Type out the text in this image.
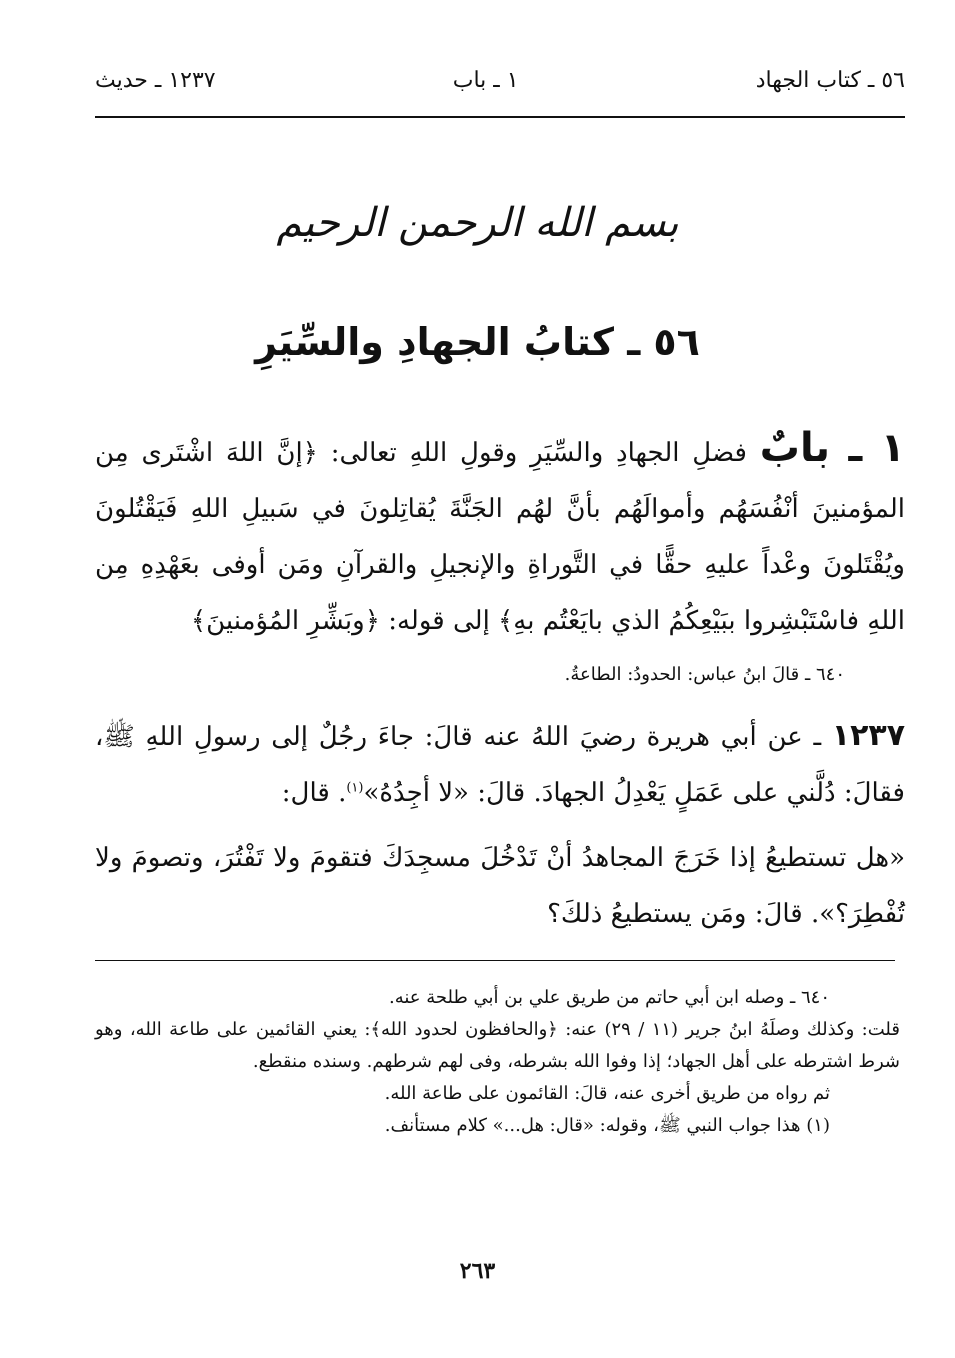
٥٦ ـ كتاب الجهاد
١ ـ باب
١٢٣٧ ـ حديث
بسم الله الرحمن الرحيم
٥٦ ـ كتابُ الجهادِ والسِّيَرِ
١ ـ بابٌ فضلِ الجهادِ والسِّيَرِ وقولِ اللهِ تعالى: ﴿إنَّ اللهَ اشْتَرى مِن المؤمنينَ أنْفُسَهُم وأموالَهُم بأنَّ لهُم الجَنَّةَ يُقاتِلونَ في سَبيلِ اللهِ فَيَقْتُلونَ ويُقْتَلونَ وعْداً عليهِ حقًّا في التَّوراةِ والإنجيلِ والقرآنِ ومَن أوفى بعَهْدِهِ مِن اللهِ فاسْتَبْشِروا ببَيْعِكُمُ الذي بايَعْتُم بهِ﴾ إلى قوله: ﴿وبَشِّرِ المُؤمنينَ﴾
٦٤٠ ـ قالَ ابنُ عباس: الحدودُ: الطاعةُ.
١٢٣٧ ـ عن أبي هريرة رضيَ اللهُ عنه قالَ: جاءَ رجُلٌ إلى رسولِ اللهِ ﷺ، فقالَ: دُلَّني على عَمَلٍ يَعْدِلُ الجهادَ. قالَ: «لا أجِدُهُ»$^{(١)}$. قال:
«هل تستطيعُ إذا خَرَجَ المجاهدُ أنْ تَدْخُلَ مسجِدَكَ فتقومَ ولا تَفْتُرَ، وتصومَ ولا تُفْطِرَ؟». قالَ: ومَن يستطيعُ ذلكَ؟

٦٤٠ ـ وصله ابن أبي حاتم من طريق علي بن أبي طلحة عنه.

قلت: وكذلك وصلَهُ ابنُ جرير (١١ / ٢٩) عنه: ﴿والحافظون لحدود الله﴾: يعني القائمين على طاعة الله، وهو شرط اشترطه على أهل الجهاد؛ إذا وفوا الله بشرطه، وفى لهم شرطهم. وسنده منقطع.

ثم رواه من طريق أخرى عنه، قالَ: القائمون على طاعة الله.

(١) هذا جواب النبي ﷺ، وقوله: «قال: هل...» كلام مستأنف.

٢٦٣
